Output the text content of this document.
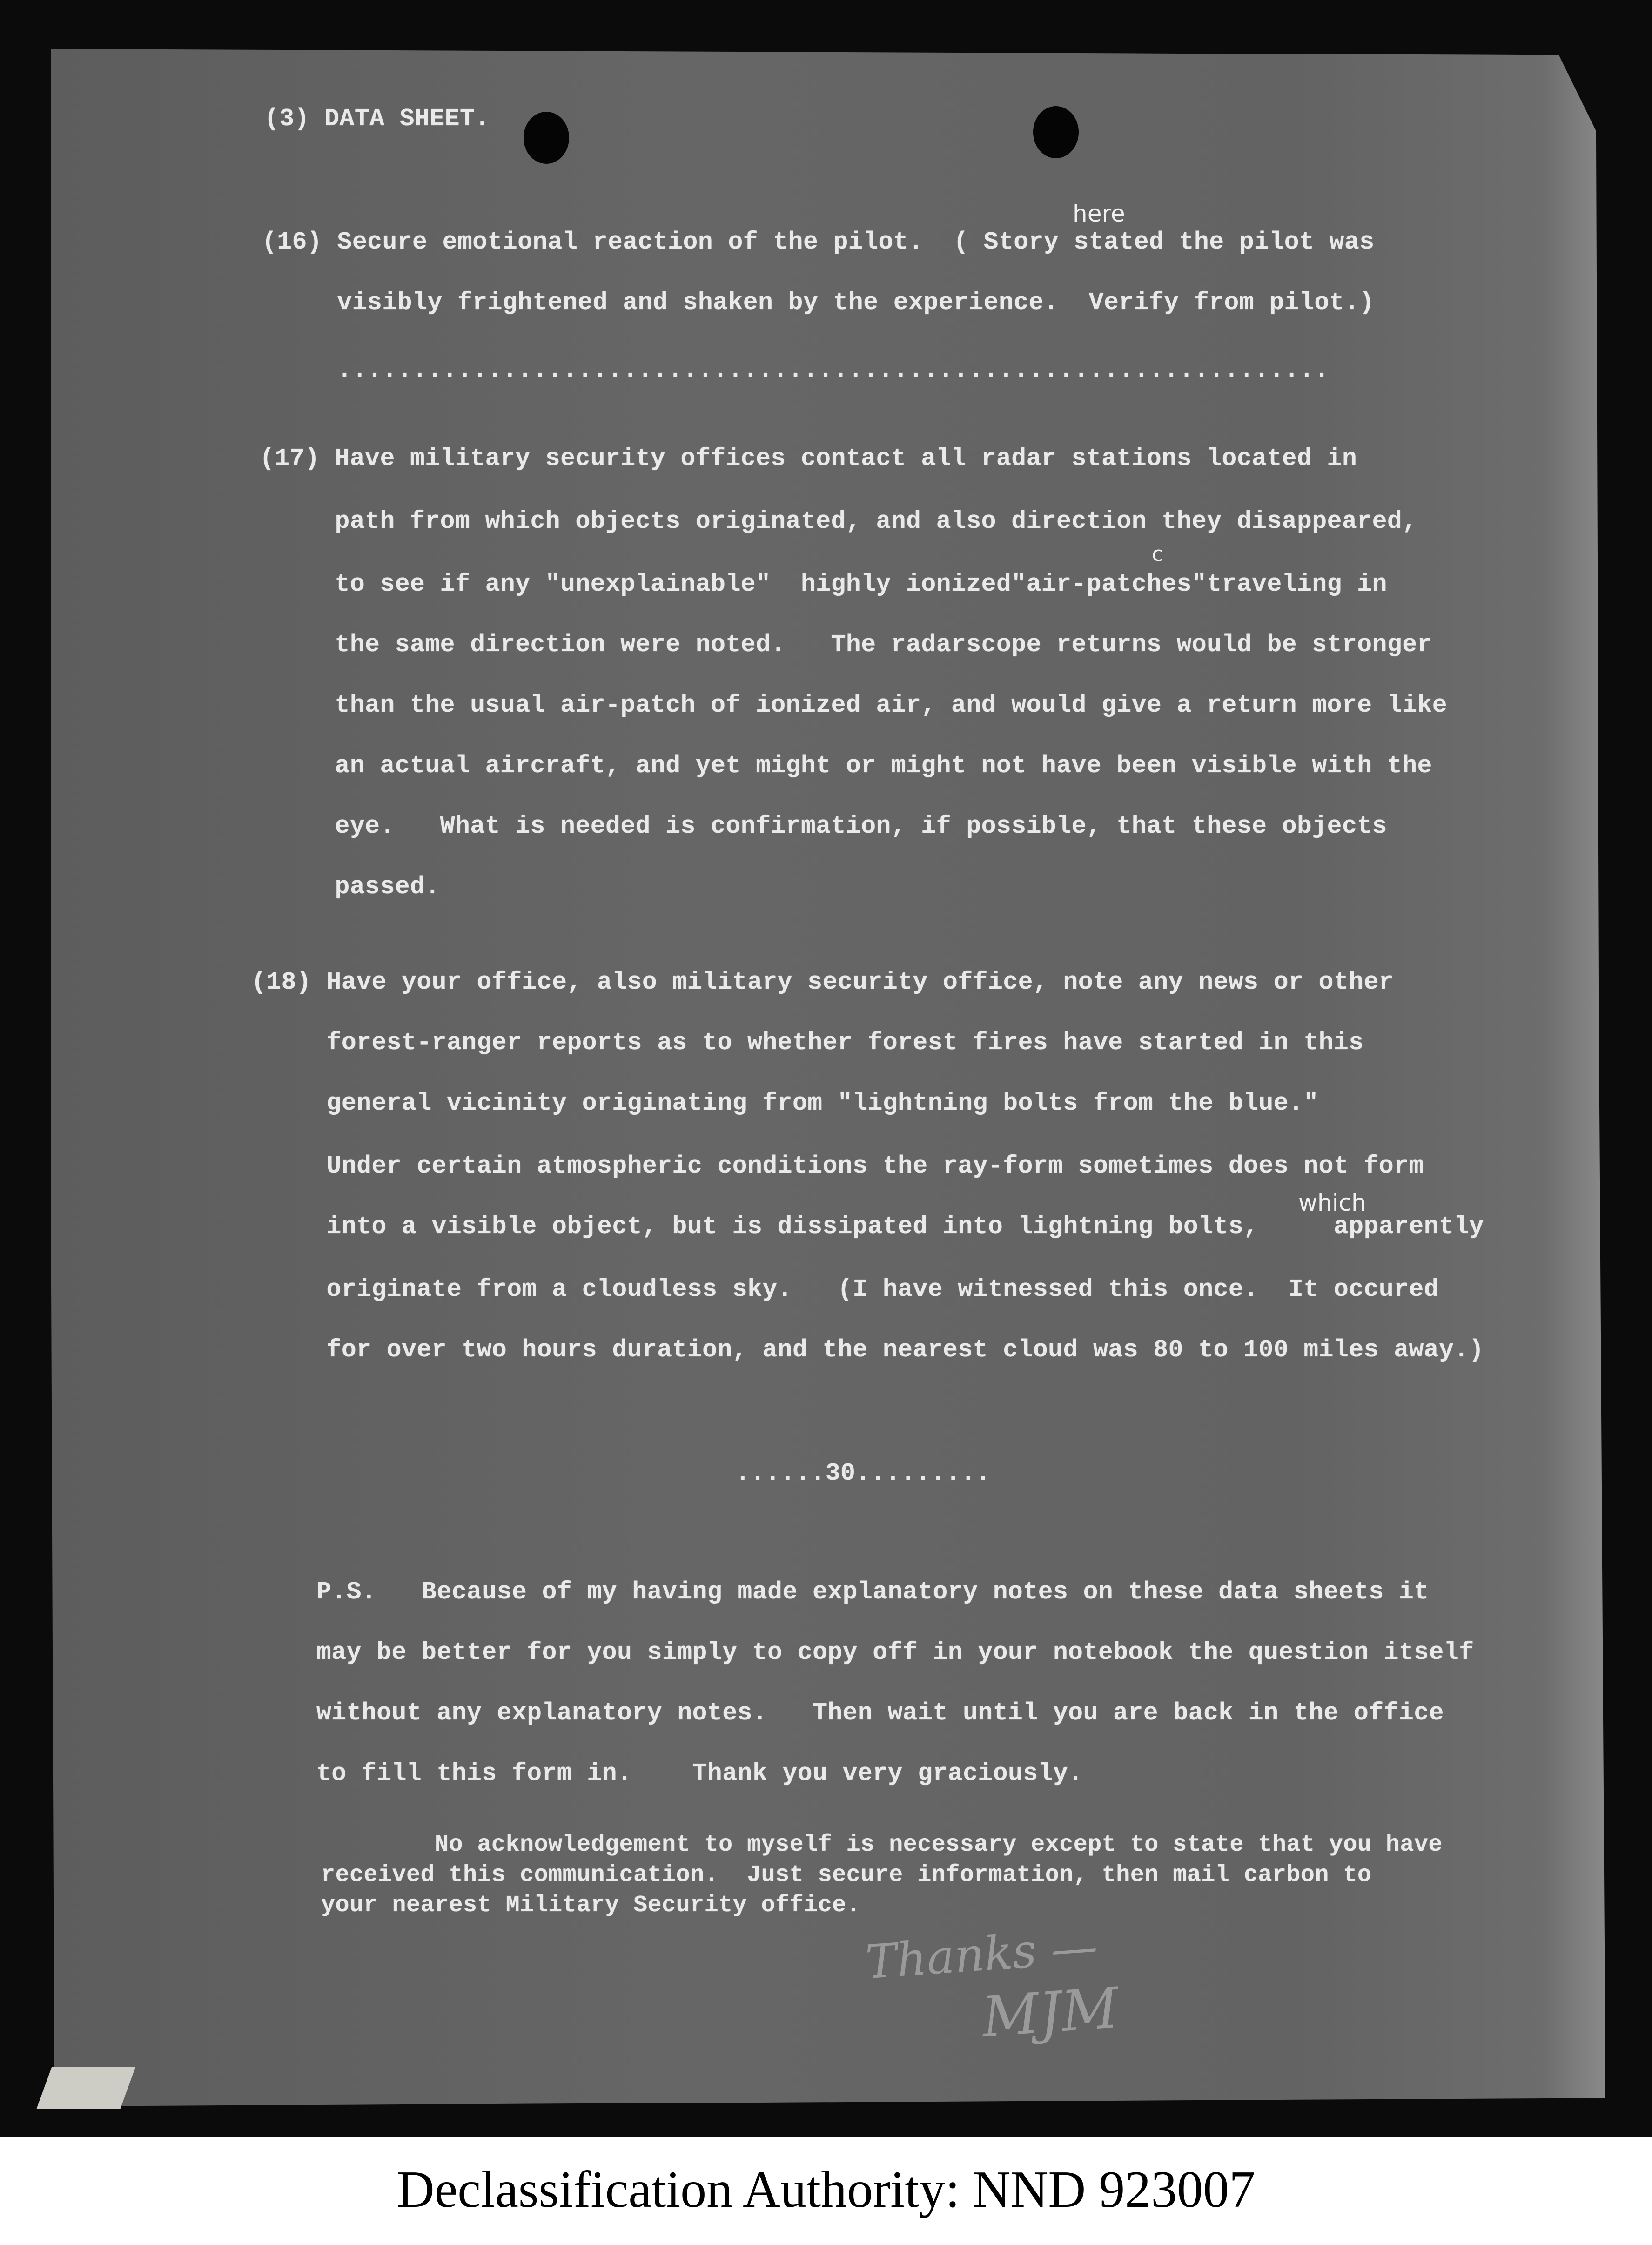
(3) DATA SHEET.
(16) Secure emotional reaction of the pilot.  ( Story stated the pilot was
visibly frightened and shaken by the experience.  Verify from pilot.)
..................................................................
(17) Have military security offices contact all radar stations located in
path from which objects originated, and also direction they disappeared,
to see if any "unexplainable"  highly ionized"air-patches"traveling in
the same direction were noted.   The radarscope returns would be stronger
than the usual air-patch of ionized air, and would give a return more like
an actual aircraft, and yet might or might not have been visible with the
eye.   What is needed is confirmation, if possible, that these objects
passed.
(18) Have your office, also military security office, note any news or other
forest-ranger reports as to whether forest fires have started in this
general vicinity originating from "lightning bolts from the blue."
Under certain atmospheric conditions the ray-form sometimes does not form
into a visible object, but is dissipated into lightning bolts,     apparently
originate from a cloudless sky.   (I have witnessed this once.  It occured
for over two hours duration, and the nearest cloud was 80 to 100 miles away.)
......30.........
P.S.   Because of my having made explanatory notes on these data sheets it
may be better for you simply to copy off in your notebook the question itself
without any explanatory notes.   Then wait until you are back in the office
to fill this form in.    Thank you very graciously.
No acknowledgement to myself is necessary except to state that you have
received this communication.  Just secure information, then mail carbon to
your nearest Military Security office.
here
c
which
Thanks —
MJM
Declassification Authority: NND 923007
